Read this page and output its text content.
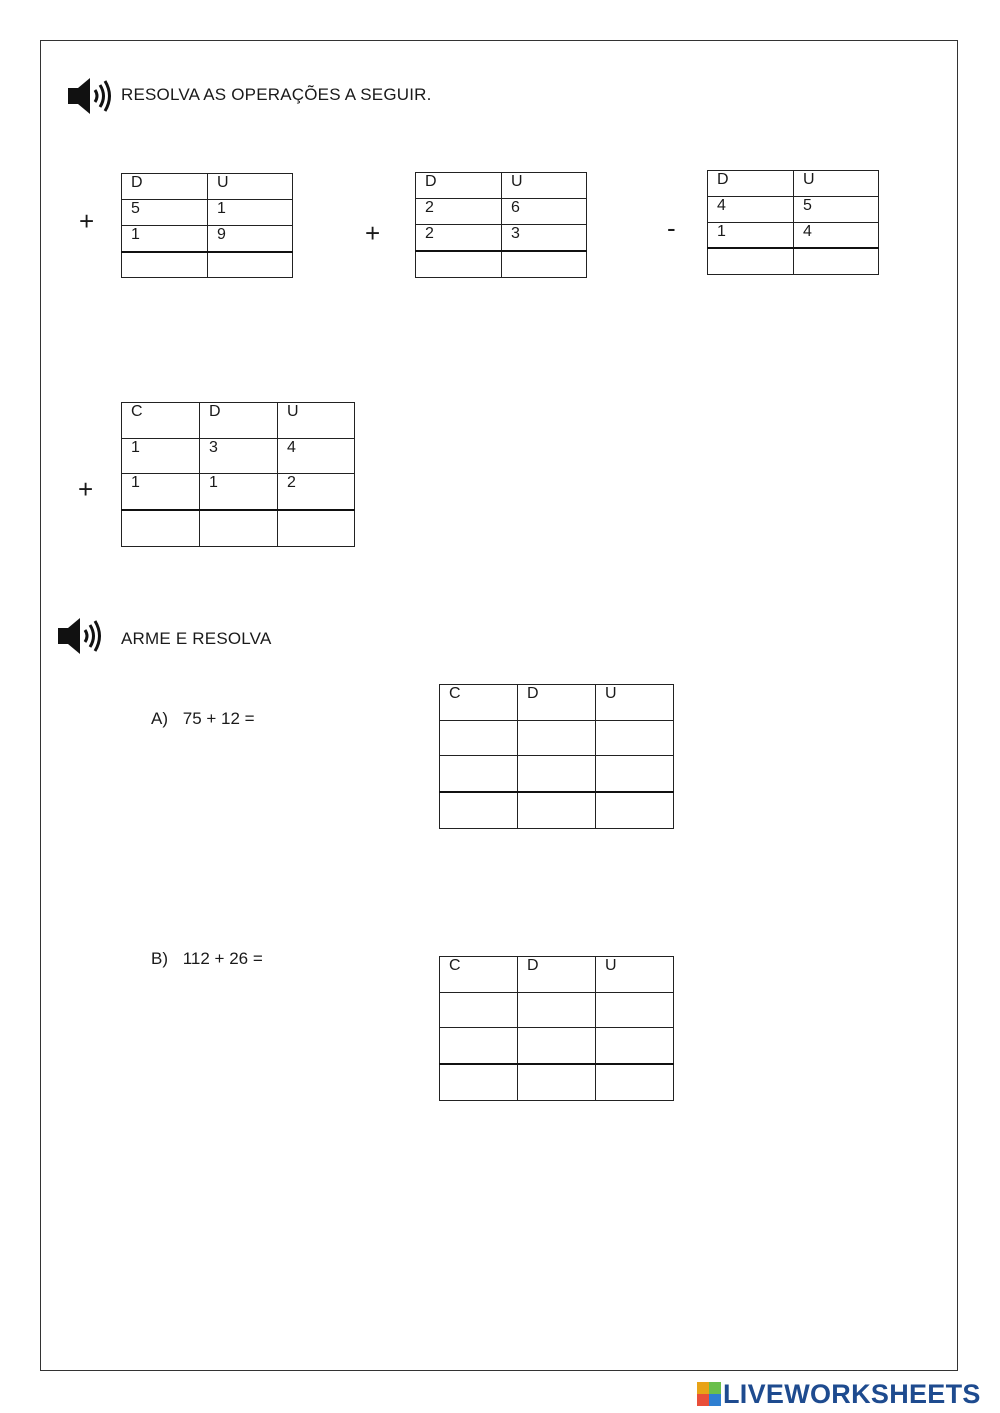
RESOLVA AS OPERAÇÕES A SEGUIR.
+
D	U
5	1
1	9
		+
D	U
2	6
2	3
		-
D	U
4	5
1	4

+
C	D	U
1	3	4
1	1	2

ARME E RESOLVA
A) 75 + 12 =
C	D	U

B) 112 + 26 =	C	D	U

LIVEWORKSHEETS
